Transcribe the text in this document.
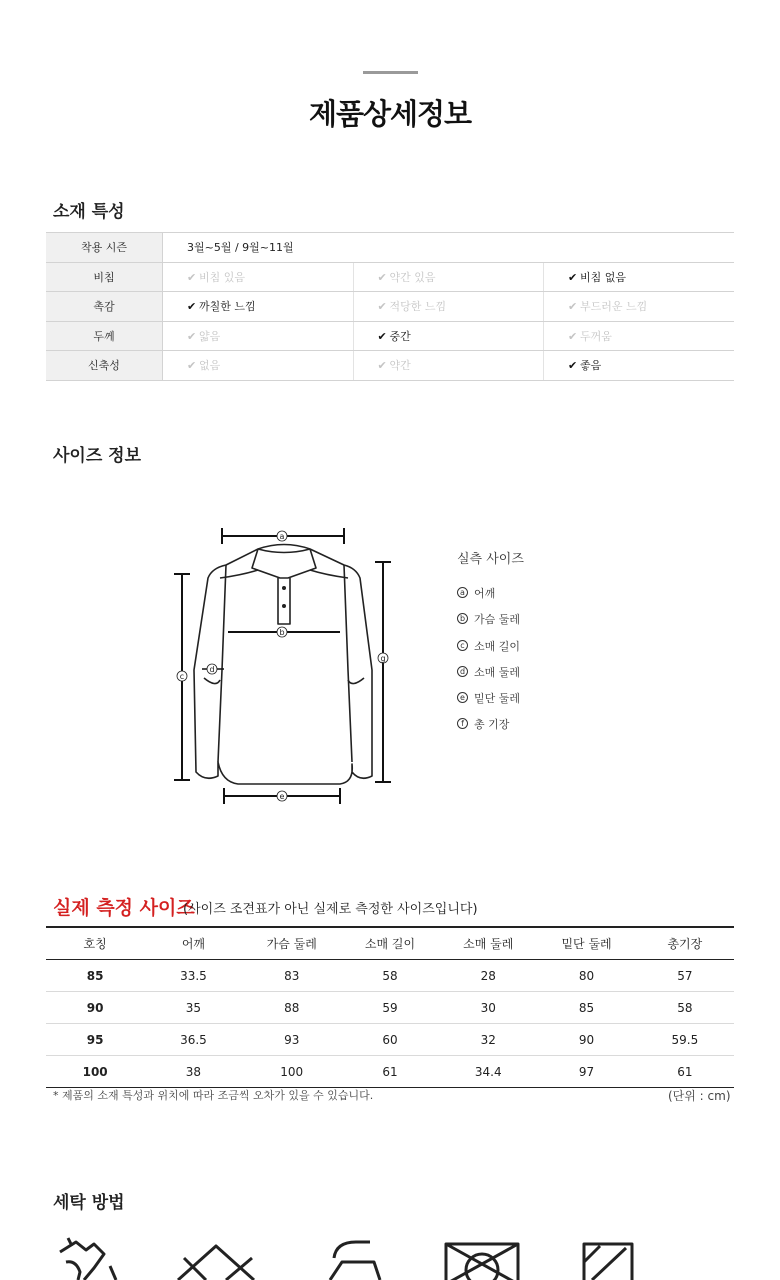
제품상세정보
소재 특성
착용 시즌	3월~5월 / 9월~11월		
비침	✔ 비침 있음	✔ 약간 있음	✔ 비침 없음
촉감	✔ 까칠한 느낌	✔ 적당한 느낌	✔ 부드러운 느낌
두께	✔ 얇음	✔ 중간	✔ 두꺼움
신축성	✔ 없음	✔ 약간	✔ 좋음
사이즈 정보
a
b
c
d
e
g
실측 사이즈
a 어깨
b 가슴 둘레
c 소매 길이
d 소매 둘레
e 밑단 둘레
f 총 기장
실제 측정 사이즈
(사이즈 조견표가 아닌 실제로 측정한 사이즈입니다)
호칭	어깨	가슴 둘레	소매 길이	소매 둘레	밑단 둘레	총기장
85	33.5	83	58	28	80	57
90	35	88	59	30	85	58
95	36.5	93	60	32	90	59.5
100	38	100	61	34.4	97	61
* 제품의 소재 특성과 위치에 따라 조금씩 오차가 있을 수 있습니다.	(단위 : cm)
세탁 방법
